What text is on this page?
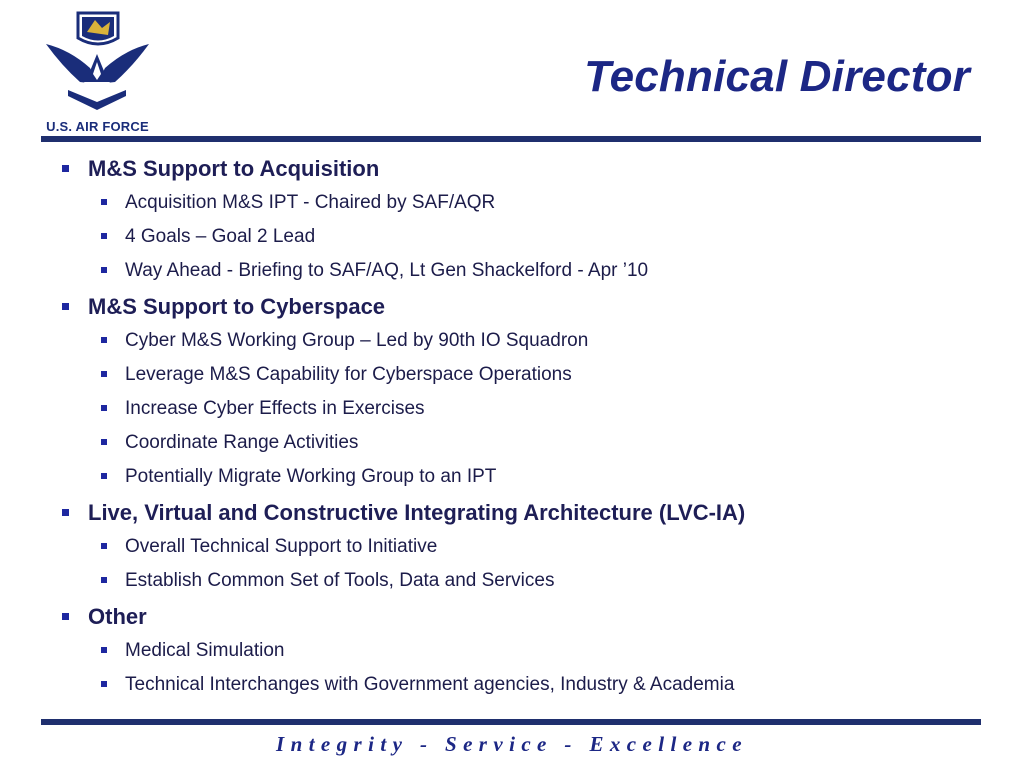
U.S. AIR FORCE
Technical Director
M&S Support to Acquisition
Acquisition M&S IPT - Chaired by SAF/AQR
4 Goals – Goal 2 Lead
Way Ahead - Briefing to SAF/AQ, Lt Gen Shackelford - Apr ’10
M&S Support to Cyberspace
Cyber M&S Working Group – Led by 90th IO Squadron
Leverage M&S Capability for Cyberspace Operations
Increase Cyber Effects in Exercises
Coordinate Range Activities
Potentially Migrate Working Group to an IPT
Live, Virtual and Constructive Integrating Architecture (LVC-IA)
Overall Technical Support to Initiative
Establish Common Set of Tools, Data and Services
Other
Medical Simulation
Technical Interchanges with Government agencies, Industry & Academia
Integrity - Service - Excellence
